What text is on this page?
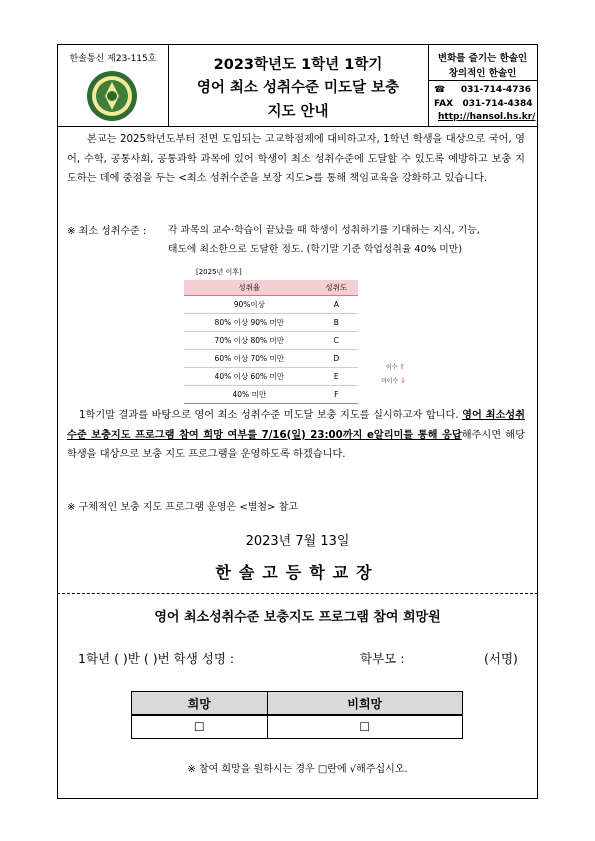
한솔통신 제23-115호	2023학년도 1학년 1학기
영어 최소 성취수준 미도달 보충
지도 안내
변화를 즐기는 한솔인
창의적인 한솔인
☎ 031-714-4736
FAX 031-714-4384
http://hansol.hs.kr/
본교는 2025학년도부터 전면 도입되는 고교학점제에 대비하고자, 1학년 학생을 대상으로 국어, 영어, 수학, 공통사회, 공통과학 과목에 있어 학생이 최소 성취수준에 도달할 수 있도록 예방하고 보충 지도하는 데에 중점을 두는 <최소 성취수준을 보장 지도>를 통해 책임교육을 강화하고 있습니다.
※ 최소 성취수준 : 각 과목의 교수·학습이 끝났을 때 학생이 성취하기를 기대하는 지식, 기능,
태도에 최소한으로 도달한 정도. (학기말 기준 학업성취율 40% 미만)
[2025년 이후]
성취율	성취도
90%이상	A
80% 이상 90% 미만	B
70% 이상 80% 미만	C
60% 이상 70% 미만	D
40% 이상 60% 미만	E
40% 미만	F
이수 ⇑
미이수 ⇓
1학기말 결과를 바탕으로 영어 최소 성취수준 미도달 보충 지도를 실시하고자 합니다. 영어 최소성취수준 보충지도 프로그램 참여 희망 여부를 7/16(일) 23:00까지 e알리미를 통해 응답해주시면 해당 학생을 대상으로 보충 지도 프로그램을 운영하도록 하겠습니다.
※ 구체적인 보충 지도 프로그램 운영은 <별첨> 참고
2023년 7월 13일
한솔고등학교장
영어 최소성취수준 보충지도 프로그램 참여 희망원
1학년 ( )반 ( )번 학생 성명 :	학부모 :	(서명)
희망	비희망
☐	☐
※ 참여 희망을 원하시는 경우 □란에 √해주십시오.
